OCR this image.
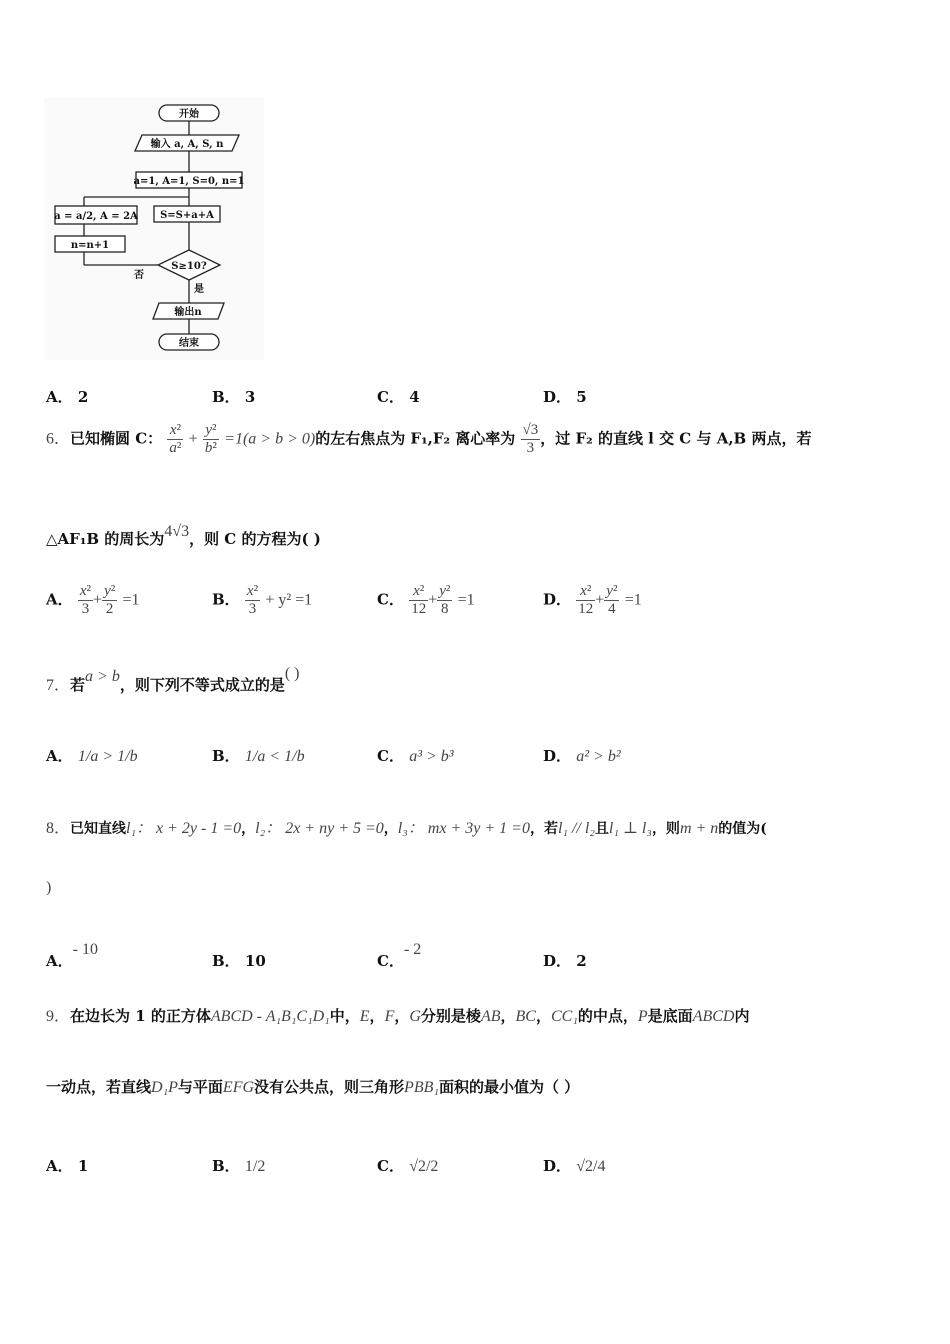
开始
输入 a, A, S, n
a=1, A=1, S=0, n=1
a = a/2, A = 2A S=S+a+A
n=n+1
S≥10?
否
是
输出n
结束
A． 2	B． 3	C． 4	D． 5
6．已知椭圆 C： $\frac{\text{x²}}{\text{a²}} + \frac{\text{y²}}{\text{b²}} =1(a > b > 0)$的左右焦点为 F₁,F₂ 离心率为 $\frac{√3}{3}$ ，过 F₂ 的直线 l 交 C 与 A,B 两点，若
△AF₁B 的周长为4√3，则 C 的方程为( )
A． $\frac{\text{x²}}{3} + \frac{\text{y²}}{2} =1$	B． $\frac{\text{x²}}{3} + y^2 =1$	C． $\frac{\text{x²}}{12} + \frac{\text{y²}}{8} =1$	D． $\frac{\text{x²}}{12} + \frac{\text{y²}}{4} =1$
7．若a > b，则下列不等式成立的是( )
A． 1/a > 1/b	B． 1/a < 1/b	C． a³ > b³	D． a² > b²
8．已知直线l₁： x + 2y - 1 =0，l₂： 2x + ny + 5 =0，l₃： mx + 3y + 1 =0，若l₁ // l₂且l₁ ⊥ l₃，则m + n的值为(
)
A．- 10
B． 10	C．- 2
D． 2
9．在边长为 1 的正方体ABCD - A₁B₁C₁D₁中，E，F，G分别是棱AB，BC，CC₁的中点，P是底面ABCD内
一动点，若直线D₁P与平面EFG没有公共点，则三角形PBB₁面积的最小值为（ ）
A． 1	B． 1/2	C． √2/2	D． √2/4
